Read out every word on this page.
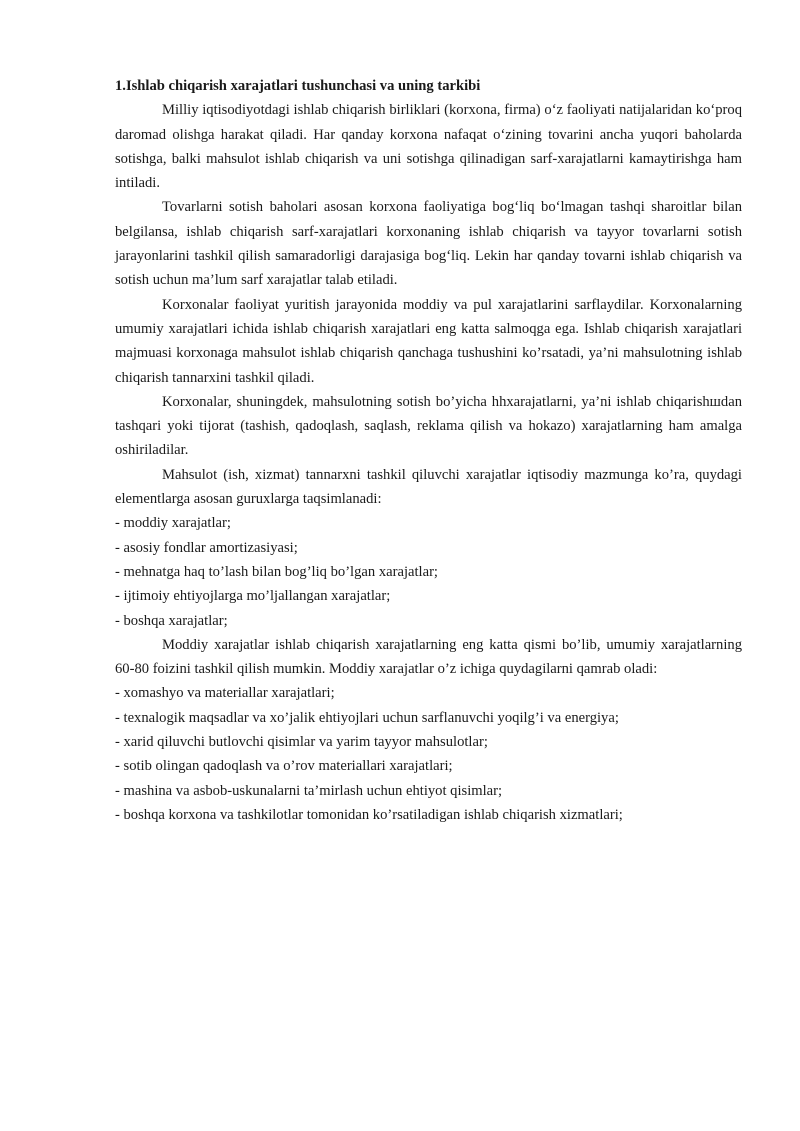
1.Ishlab chiqarish xarajatlari tushunchasi va uning tarkibi

Milliy iqtisodiyotdagi ishlab chiqarish birliklari (korxona, firma) o‘z faoliyati natijalaridan ko‘proq daromad olishga harakat qiladi. Har qanday korxona nafaqat o‘zining tovarini ancha yuqori baholarda sotishga, balki mahsulot ishlab chiqarish va uni sotishga qilinadigan sarf-xarajatlarni kamaytirishga ham intiladi.

Tovarlarni sotish baholari asosan korxona faoliyatiga bog‘liq bo‘lmagan tashqi sharoitlar bilan belgilansa, ishlab chiqarish sarf-xarajatlari korxonaning ishlab chiqarish va tayyor tovarlarni sotish jarayonlarini tashkil qilish samaradorligi darajasiga bog‘liq. Lekin har qanday tovarni ishlab chiqarish va sotish uchun ma’lum sarf xarajatlar talab etiladi.

Korxonalar faoliyat yuritish jarayonida moddiy va pul xarajatlarini sarflaydilar. Korxonalarning umumiy xarajatlari ichida ishlab chiqarish xarajatlari eng katta salmoqga ega. Ishlab chiqarish xarajatlari majmuasi korxonaga mahsulot ishlab chiqarish qanchaga tushushini ko’rsatadi, ya’ni mahsulotning ishlab chiqarish tannarxini tashkil qiladi.

Korxonalar, shuningdek, mahsulotning sotish bo’yicha hhxarajatlarni, ya’ni ishlab chiqarishшdan tashqari yoki tijorat (tashish, qadoqlash, saqlash, reklama qilish va hokazo) xarajatlarning ham amalga oshiriladilar.

Mahsulot (ish, xizmat) tannarxni tashkil qiluvchi xarajatlar iqtisodiy mazmunga ko’ra, quydagi elementlarga asosan guruxlarga taqsimlanadi:

- moddiy xarajatlar;
- asosiy fondlar amortizasiyasi;
- mehnatga haq to’lash bilan bog’liq bo’lgan xarajatlar;
- ijtimoiy ehtiyojlarga mo’ljallangan xarajatlar;
- boshqa xarajatlar;

Moddiy xarajatlar ishlab chiqarish xarajatlarning eng katta qismi bo’lib, umumiy xarajatlarning 60-80 foizini tashkil qilish mumkin. Moddiy xarajatlar o’z ichiga quydagilarni qamrab oladi:

- xomashyo va materiallar xarajatlari;
- texnalogik maqsadlar va xo’jalik ehtiyojlari uchun sarflanuvchi yoqilg’i va energiya;
- xarid qiluvchi butlovchi qisimlar va yarim tayyor mahsulotlar;
- sotib olingan qadoqlash va o’rov materiallari xarajatlari;
- mashina va asbob-uskunalarni ta’mirlash uchun ehtiyot qisimlar;
- boshqa korxona va tashkilotlar tomonidan ko’rsatiladigan ishlab chiqarish xizmatlari;
